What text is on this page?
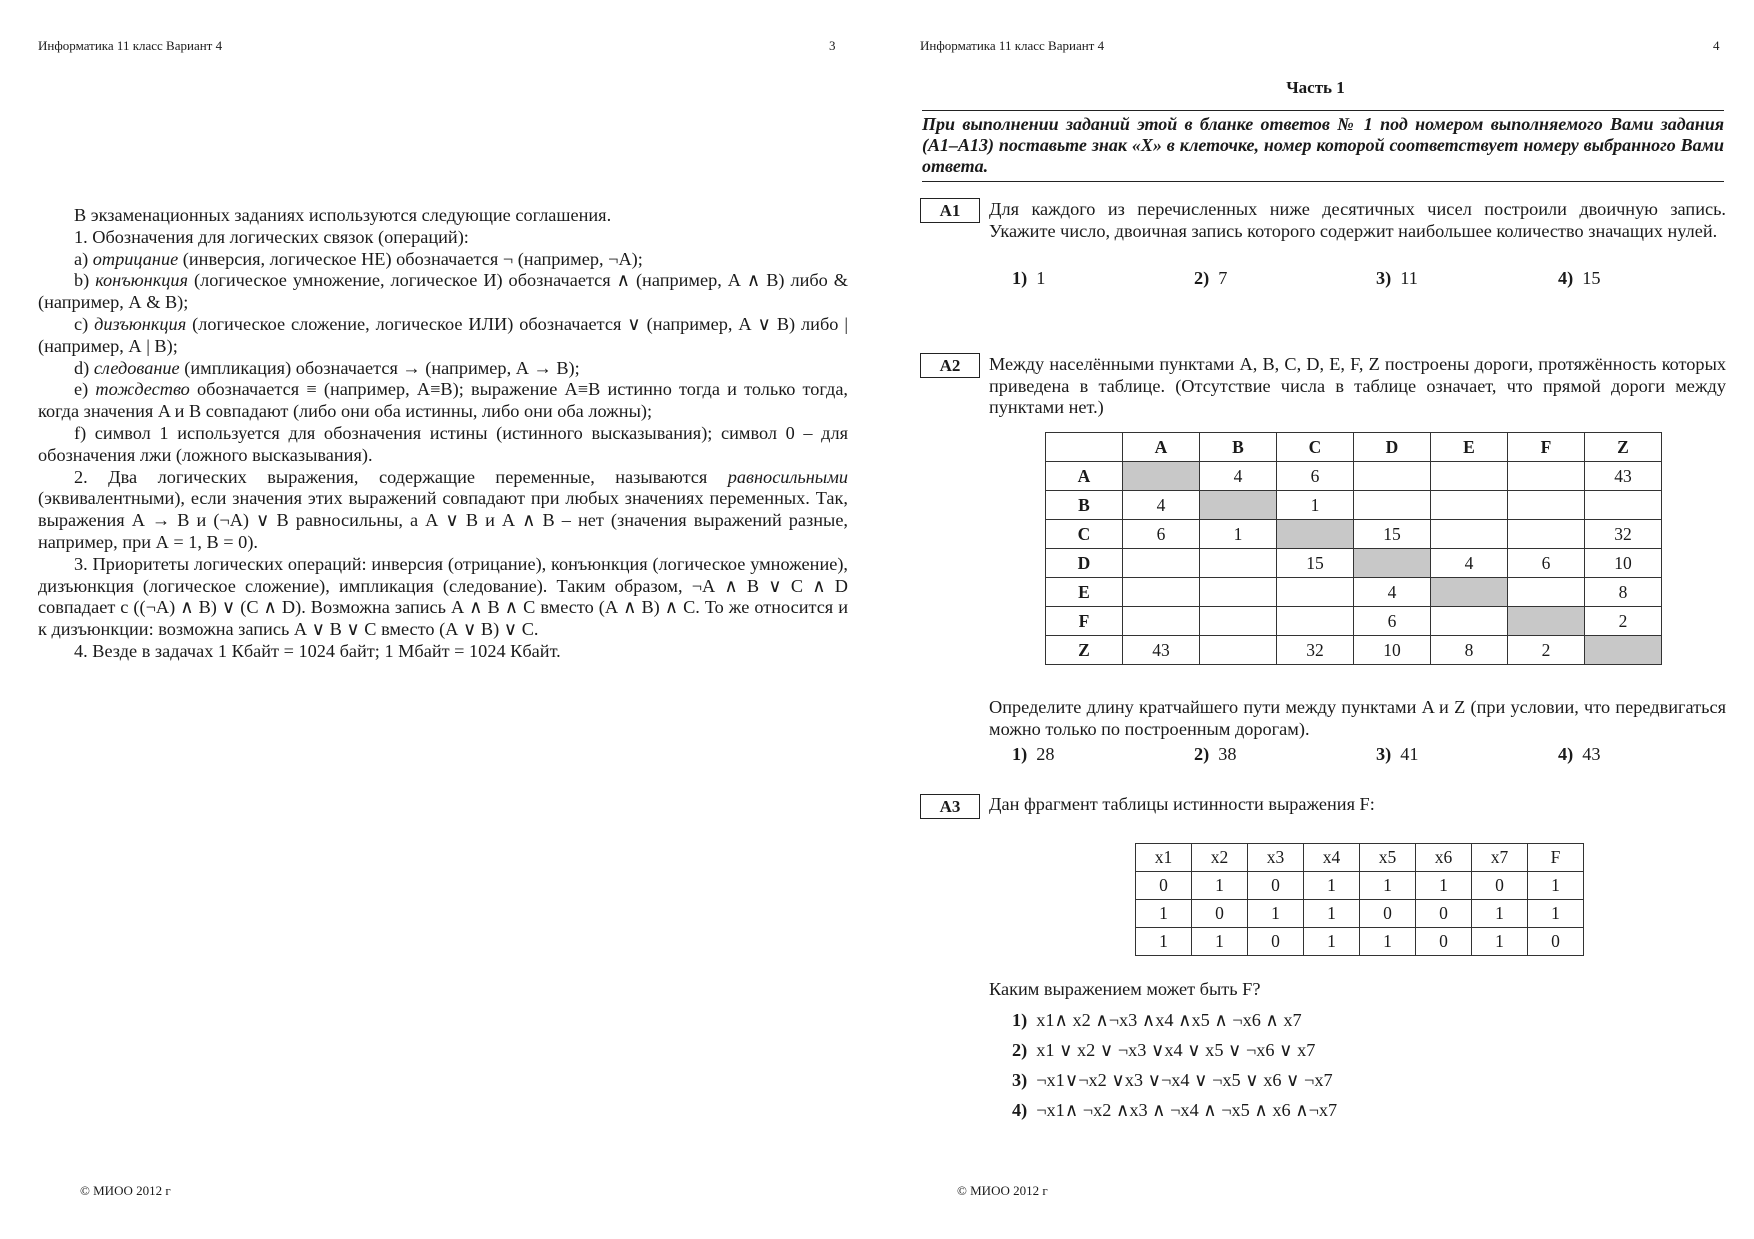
Информатика 11 класс Вариант 4	3

В экзаменационных заданиях используются следующие соглашения.

1. Обозначения для логических связок (операций):

a) отрицание (инверсия, логическое НЕ) обозначается ¬ (например, ¬А);

b) конъюнкция (логическое умножение, логическое И) обозначается ∧ (например, А ∧ В) либо & (например, А & В);

c) дизъюнкция (логическое сложение, логическое ИЛИ) обозначается ∨ (например, А ∨ В) либо | (например, А | В);

d) следование (импликация) обозначается → (например, А → В);

e) тождество обозначается ≡ (например, A≡B); выражение A≡B истинно тогда и только тогда, когда значения A и B совпадают (либо они оба истинны, либо они оба ложны);

f) символ 1 используется для обозначения истины (истинного высказывания); символ 0 – для обозначения лжи (ложного высказывания).

2. Два логических выражения, содержащие переменные, называются равносильными (эквивалентными), если значения этих выражений совпадают при любых значениях переменных. Так, выражения А → В и (¬А) ∨ В равносильны, а А ∨ В и А ∧ В – нет (значения выражений разные, например, при А = 1, В = 0).

3. Приоритеты логических операций: инверсия (отрицание), конъюнкция (логическое умножение), дизъюнкция (логическое сложение), импликация (следование). Таким образом, ¬А ∧ В ∨ С ∧ D совпадает с ((¬А) ∧ В) ∨ (С ∧ D). Возможна запись А ∧ В ∧ С вместо (А ∧ В) ∧ С. То же относится и к дизъюнкции: возможна запись А ∨ В ∨ С вместо (А ∨ В) ∨ С.

4. Везде в задачах 1 Кбайт = 1024 байт; 1 Мбайт = 1024 Кбайт.

© МИОО 2012 г
Информатика 11 класс Вариант 4	4
Часть 1
При выполнении заданий этой в бланке ответов № 1 под номером выполняемого Вами задания (А1–А13) поставьте знак «X» в клеточке, номер которой соответствует номеру выбранного Вами ответа.
A1	Для каждого из перечисленных ниже десятичных чисел построили двоичную запись. Укажите число, двоичная запись которого содержит наибольшее количество значащих нулей.

1) 1	2) 7	3) 11	4) 15
A2	Между населёнными пунктами A, B, C, D, E, F, Z построены дороги, протяжённость которых приведена в таблице. (Отсутствие числа в таблице означает, что прямой дороги между пунктами нет.)

	A	B	C	D	E	F	Z
A		4	6				43
B	4		1				
C	6	1		15			32
D			15		4	6	10
E				4			8
F				6			2
Z	43		32	10	8	2	

Определите длину кратчайшего пути между пунктами A и Z (при условии, что передвигаться можно только по построенным дорогам).

1) 28	2) 38	3) 41	4) 43
A3	Дан фрагмент таблицы истинности выражения F:

x1	x2	x3	x4	x5	x6	x7	F
0	1	0	1	1	1	0	1
1	0	1	1	0	0	1	1
1	1	0	1	1	0	1	0

Каким выражением может быть F?

1) x1∧ x2 ∧¬x3 ∧x4 ∧x5 ∧ ¬x6 ∧ x7
2) x1 ∨ x2 ∨ ¬x3 ∨x4 ∨ x5 ∨ ¬x6 ∨ x7
3) ¬x1∨¬x2 ∨x3 ∨¬x4 ∨ ¬x5 ∨ x6 ∨ ¬x7
4) ¬x1∧ ¬x2 ∧x3 ∧ ¬x4 ∧ ¬x5 ∧ x6 ∧¬x7
© МИОО 2012 г
